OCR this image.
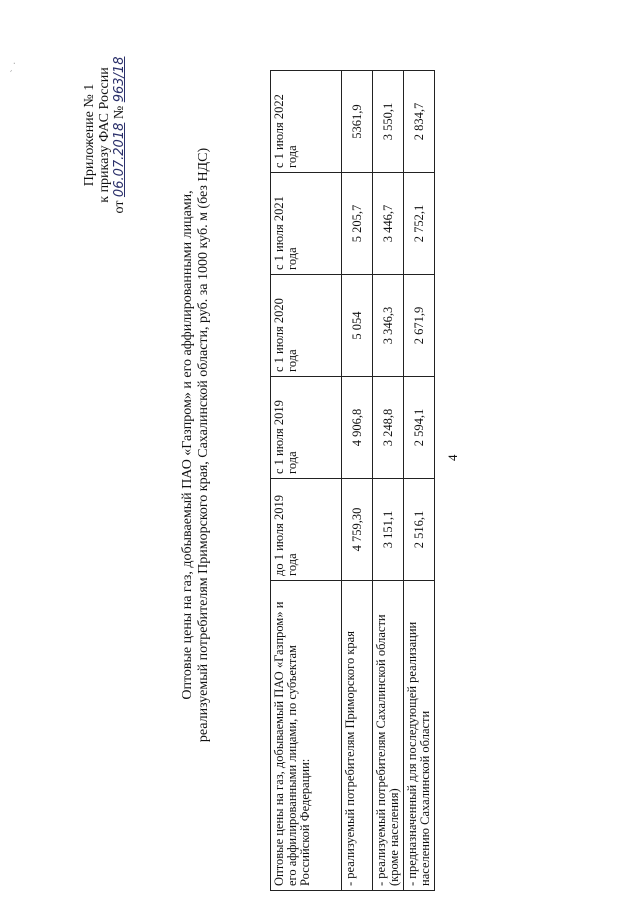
4
Приложение № 1 к приказу ФАС России
от 06.07.2018 № 963/18
Оптовые цены на газ, добываемый ПАО «Газпром» и его аффилированными лицами, реализуемый потребителям Приморского края, Сахалинской области, руб. за 1000 куб. м (без НДС)
Оптовые цены на газ, добываемый ПАО «Газпром» и его аффилированными лицами, по субъектам Российской Федерации:	до 1 июля 2019 года	с 1 июля 2019 года	с 1 июля 2020 года	с 1 июля 2021 года	с 1 июля 2022 года
- реализуемый потребителям Приморского края	4 759,30	4 906,8	5 054	5 205,7	5361,9
- реализуемый потребителям Сахалинской области (кроме населения)	3 151,1	3 248,8	3 346,3	3 446,7	3 550,1
- предназначенный для последующей реализации населению Сахалинской области	2 516,1	2 594,1	2 671,9	2 752,1	2 834,7
` ·
